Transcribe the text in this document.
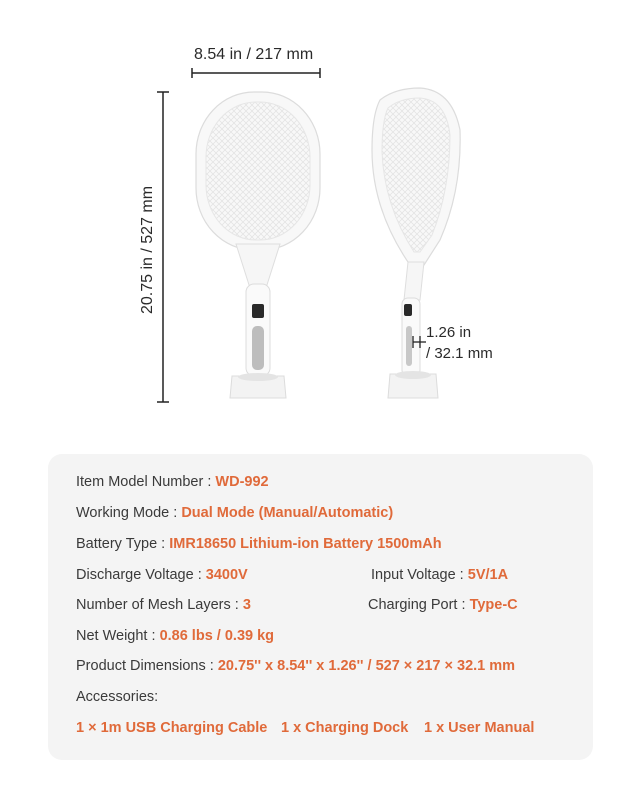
8.54 in / 217 mm
20.75 in / 527 mm
1.26 in
/ 32.1 mm
Item Model Number : WD-992
Working Mode : Dual Mode (Manual/Automatic)
Battery Type : IMR18650 Lithium-ion Battery 1500mAh
Discharge Voltage : 3400V	Input Voltage : 5V/1A
Number of Mesh Layers : 3	Charging Port : Type-C
Net Weight : 0.86 lbs / 0.39 kg
Product Dimensions : 20.75'' x 8.54'' x 1.26'' / 527 × 217 × 32.1 mm
Accessories:
1 × 1m USB Charging Cable 1 x Charging Dock 1 x User Manual
